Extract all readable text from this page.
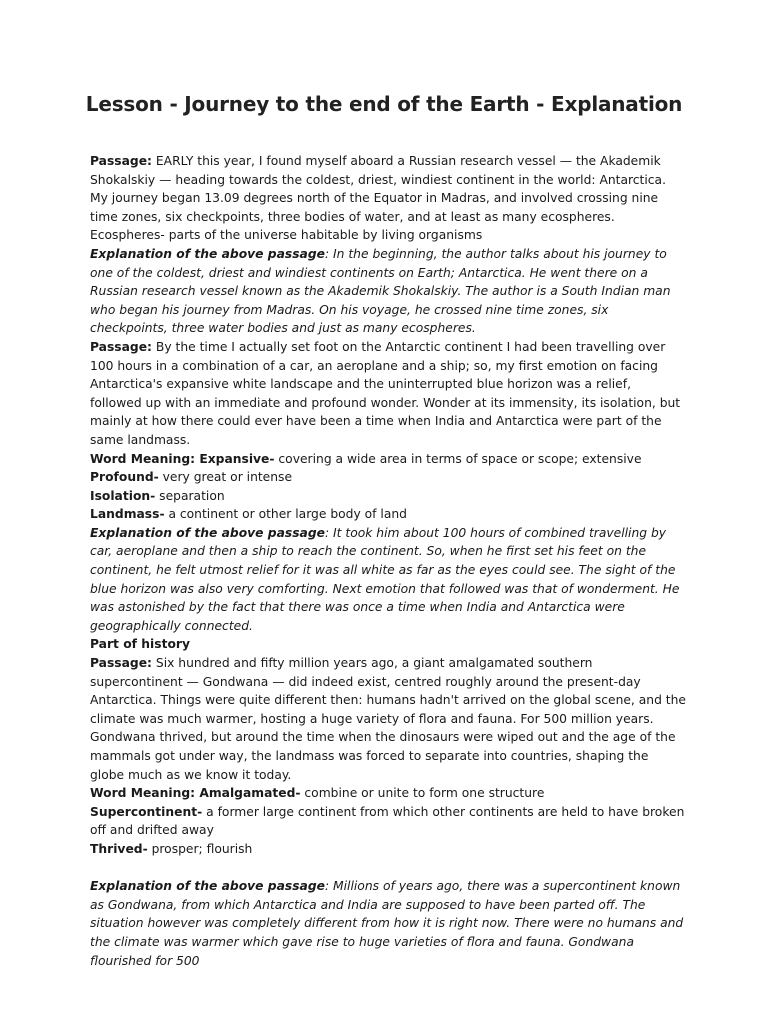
Lesson - Journey to the end of the Earth - Explanation

Passage: EARLY this year, I found myself aboard a Russian research vessel — the Akademik Shokalskiy — heading towards the coldest, driest, windiest continent in the world: Antarctica. My journey began 13.09 degrees north of the Equator in Madras, and involved crossing nine time zones, six checkpoints, three bodies of water, and at least as many ecospheres.

Ecospheres- parts of the universe habitable by living organisms

Explanation of the above passage: In the beginning, the author talks about his journey to one of the coldest, driest and windiest continents on Earth; Antarctica. He went there on a Russian research vessel known as the Akademik Shokalskiy. The author is a South Indian man who began his journey from Madras. On his voyage, he crossed nine time zones, six checkpoints, three water bodies and just as many ecospheres.

Passage: By the time I actually set foot on the Antarctic continent I had been travelling over 100 hours in a combination of a car, an aeroplane and a ship; so, my first emotion on facing Antarctica's expansive white landscape and the uninterrupted blue horizon was a relief, followed up with an immediate and profound wonder. Wonder at its immensity, its isolation, but mainly at how there could ever have been a time when India and Antarctica were part of the same landmass.

Word Meaning: Expansive- covering a wide area in terms of space or scope; extensive

Profound- very great or intense

Isolation- separation

Landmass- a continent or other large body of land

Explanation of the above passage: It took him about 100 hours of combined travelling by car, aeroplane and then a ship to reach the continent. So, when he first set his feet on the continent, he felt utmost relief for it was all white as far as the eyes could see. The sight of the blue horizon was also very comforting. Next emotion that followed was that of wonderment. He was astonished by the fact that there was once a time when India and Antarctica were geographically connected.

Part of history

Passage: Six hundred and fifty million years ago, a giant amalgamated southern supercontinent — Gondwana — did indeed exist, centred roughly around the present-day Antarctica. Things were quite different then: humans hadn't arrived on the global scene, and the climate was much warmer, hosting a huge variety of flora and fauna. For 500 million years. Gondwana thrived, but around the time when the dinosaurs were wiped out and the age of the mammals got under way, the landmass was forced to separate into countries, shaping the globe much as we know it today.

Word Meaning: Amalgamated- combine or unite to form one structure

Supercontinent- a former large continent from which other continents are held to have broken off and drifted away

Thrived- prosper; flourish

Explanation of the above passage: Millions of years ago, there was a supercontinent known as Gondwana, from which Antarctica and India are supposed to have been parted off. The situation however was completely different from how it is right now. There were no humans and the climate was warmer which gave rise to huge varieties of flora and fauna. Gondwana flourished for 500
